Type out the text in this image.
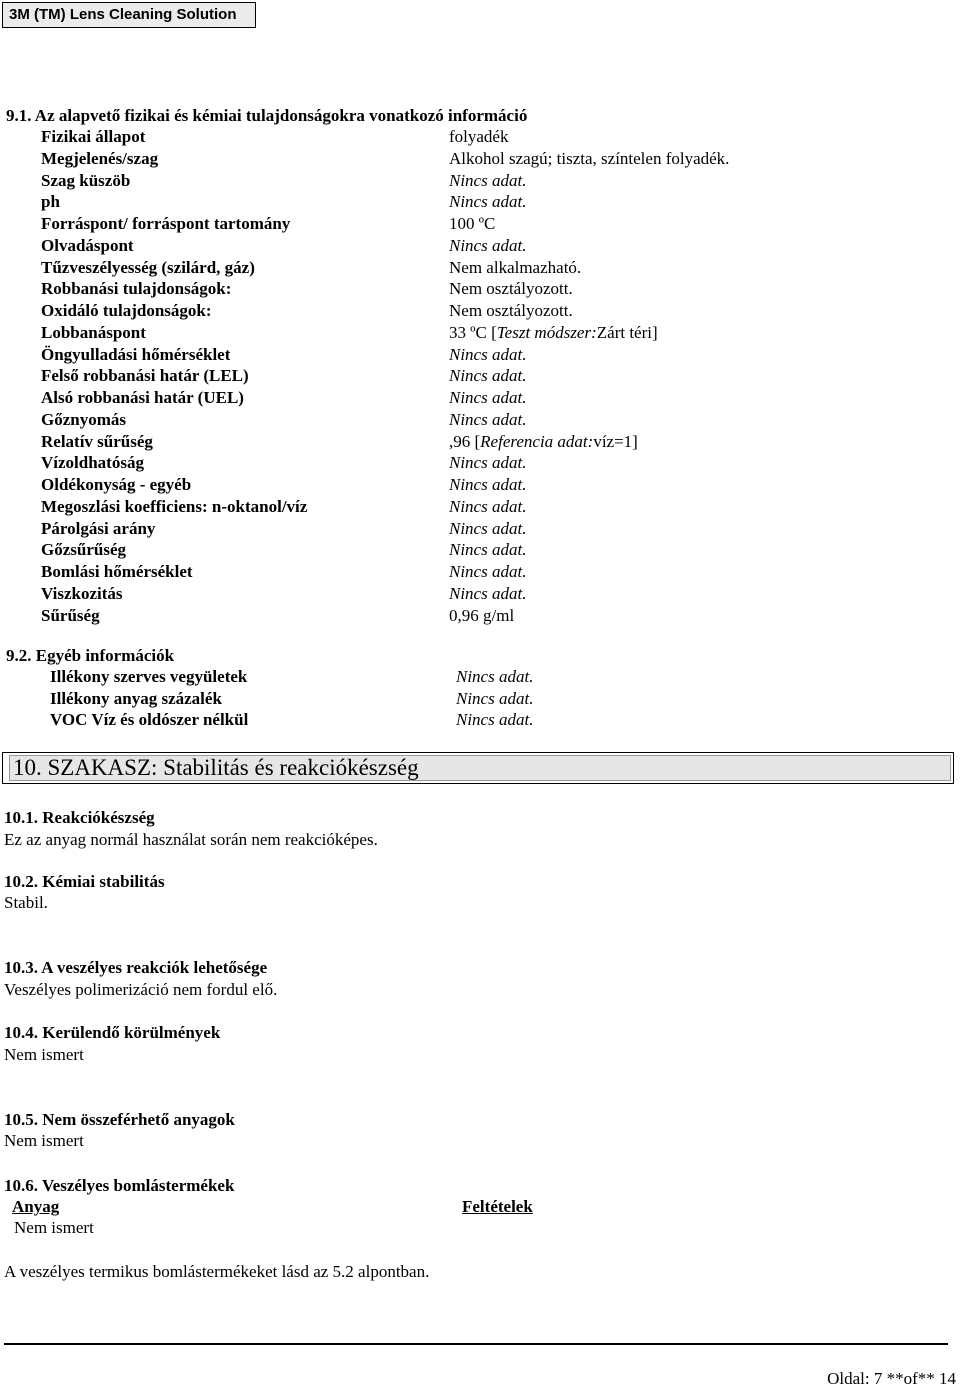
3M (TM) Lens Cleaning Solution
9.1. Az alapvető fizikai és kémiai tulajdonságokra vonatkozó információ
Fizikai állapot	folyadék
Megjelenés/szag	Alkohol szagú; tiszta, színtelen folyadék.
Szag küszöb	Nincs adat.
ph	Nincs adat.
Forráspont/ forráspont tartomány	100 ºC
Olvadáspont	Nincs adat.
Tűzveszélyesség (szilárd, gáz)	Nem alkalmazható.
Robbanási tulajdonságok:	Nem osztályozott.
Oxidáló tulajdonságok:	Nem osztályozott.
Lobbanáspont	33 ºC [Teszt módszer:Zárt téri]
Öngyulladási hőmérséklet	Nincs adat.
Felső robbanási határ (LEL)	Nincs adat.
Alsó robbanási határ (UEL)	Nincs adat.
Gőznyomás	Nincs adat.
Relatív sűrűség	,96 [Referencia adat:víz=1]
Vízoldhatóság	Nincs adat.
Oldékonyság - egyéb	Nincs adat.
Megoszlási koefficiens: n-oktanol/víz	Nincs adat.
Párolgási arány	Nincs adat.
Gőzsűrűség	Nincs adat.
Bomlási hőmérséklet	Nincs adat.
Viszkozitás	Nincs adat.
Sűrűség	0,96 g/ml
9.2. Egyéb információk
Illékony szerves vegyületek	Nincs adat.
Illékony anyag százalék	Nincs adat.
VOC Víz és oldószer nélkül	Nincs adat.
10. SZAKASZ: Stabilitás és reakciókészség
10.1. Reakciókészség
Ez az anyag normál használat során nem reakcióképes.
10.2. Kémiai stabilitás
Stabil.
10.3. A veszélyes reakciók lehetősége
Veszélyes polimerizáció nem fordul elő.
10.4. Kerülendő körülmények
Nem ismert
10.5. Nem összeférhető anyagok
Nem ismert
10.6. Veszélyes bomlástermékek
Anyag	Feltételek
Nem ismert
A veszélyes termikus bomlástermékeket lásd az 5.2 alpontban.
Oldal: 7 **of** 14
